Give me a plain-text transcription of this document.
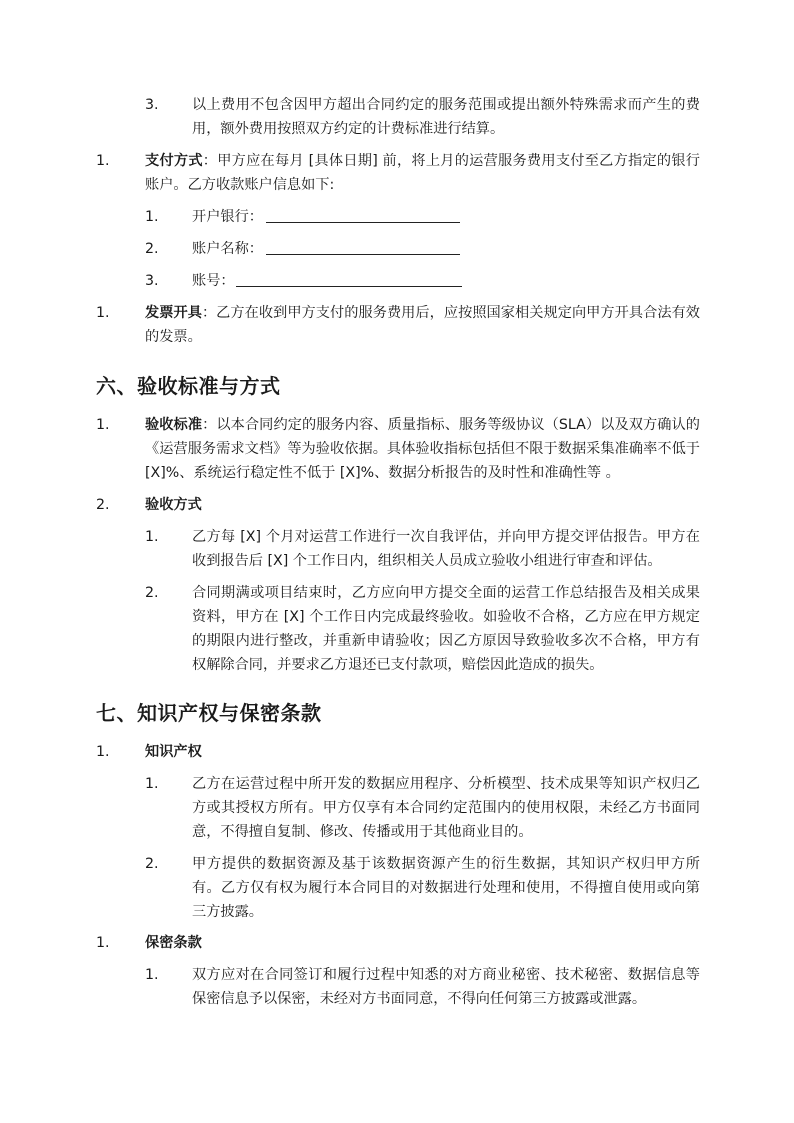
3. 以上费用不包含因甲方超出合同约定的服务范围或提出额外特殊需求而产生的费用，额外费用按照双方约定的计费标准进行结算。
1. 支付方式：甲方应在每月 [具体日期] 前，将上月的运营服务费用支付至乙方指定的银行账户。乙方收款账户信息如下:
1. 开户银行：
2. 账户名称：
3. 账号：
1. 发票开具：乙方在收到甲方支付的服务费用后，应按照国家相关规定向甲方开具合法有效的发票。
六、验收标准与方式
1. 验收标准：以本合同约定的服务内容、质量指标、服务等级协议（SLA）以及双方确认的《运营服务需求文档》等为验收依据。具体验收指标包括但不限于数据采集准确率不低于 [X]%、系统运行稳定性不低于 [X]%、数据分析报告的及时性和准确性等 。
2. 验收方式
1. 乙方每 [X] 个月对运营工作进行一次自我评估，并向甲方提交评估报告。甲方在收到报告后 [X] 个工作日内，组织相关人员成立验收小组进行审查和评估。
2. 合同期满或项目结束时，乙方应向甲方提交全面的运营工作总结报告及相关成果资料，甲方在 [X] 个工作日内完成最终验收。如验收不合格，乙方应在甲方规定的期限内进行整改，并重新申请验收；因乙方原因导致验收多次不合格，甲方有权解除合同，并要求乙方退还已支付款项，赔偿因此造成的损失。
七、知识产权与保密条款
1. 知识产权
1. 乙方在运营过程中所开发的数据应用程序、分析模型、技术成果等知识产权归乙方或其授权方所有。甲方仅享有本合同约定范围内的使用权限，未经乙方书面同意，不得擅自复制、修改、传播或用于其他商业目的。
2. 甲方提供的数据资源及基于该数据资源产生的衍生数据，其知识产权归甲方所有。乙方仅有权为履行本合同目的对数据进行处理和使用，不得擅自使用或向第三方披露。
1. 保密条款
1. 双方应对在合同签订和履行过程中知悉的对方商业秘密、技术秘密、数据信息等保密信息予以保密，未经对方书面同意，不得向任何第三方披露或泄露。
